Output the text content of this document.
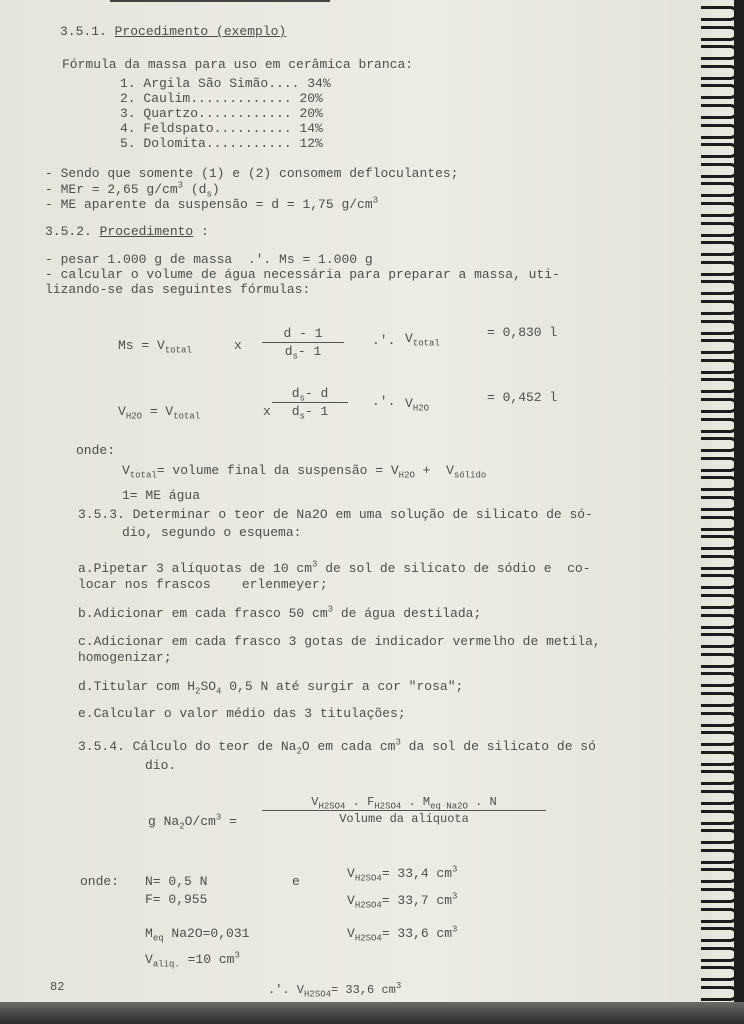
3.5.1. Procedimento (exemplo)
Fórmula da massa para uso em cerâmica branca:
1. Argila São Simão.... 34%
2. Caulim............. 20%
3. Quartzo............ 20%
4. Feldspato.......... 14%
5. Dolomita........... 12%
- Sendo que somente (1) e (2) consomem defloculantes;
- MEr = 2,65 $g/cm^3$ $(d_s)$
- ME aparente da suspensão = d = 1,75 $g/cm^3$
3.5.2. Procedimento :
- pesar 1.000 g de massa  .'. Ms = 1.000 g
- calcular o volume de água necessária para preparar a massa, uti-
lizando-se das seguintes fórmulas:
$Ms = V_{total}$	x
d - 1
$d_s-$ 1
.'. $V_{total}$
= 0,830 l
$V_{H2O} = V_{total}$	x
$d_s-$ d
$d_s-$ 1
.'. $V_{H2O}$
= 0,452 l
onde:
$V_{total}=$ volume final da suspensão = $V_{H2O} + V_{sólido}$
1= ME água
3.5.3. Determinar o teor de Na2O em uma solução de silicato de só-
dio, segundo o esquema:
a.Pipetar 3 alíquotas de 10 $cm^3$ de sol de silicato de sódio e  co-
locar nos frascos    erlenmeyer;
b.Adicionar em cada frasco 50 $cm^3$ de água destilada;
c.Adicionar em cada frasco 3 gotas de indicador vermelho de metila,
homogenizar;
d.Titular com $H_2SO_4$ 0,5 N até surgir a cor "rosa";
e.Calcular o valor médio das 3 titulações;
3.5.4. Cálculo do teor de $Na_2O$ em cada $cm^3$ da sol de silicato de só
dio.
g $Na_2O/cm^3$ =
$V_{H2SO4}$ . $F_{H2SO4}$ . $M_{eq Na2O}$ . N
Volume da alíquota
onde: N= 0,5 N	e
F= 0,955
$M_{eq}$ Na2O=0,031
$V_{aliq.} =10$ $cm^3$
$V_{H2SO4}= 33,4$ $cm^3$
$V_{H2SO4}= 33,7$ $cm^3$
$V_{H2SO4}= 33,6$ $cm^3$
.'. $V_{H2SO4}= 33,6$ $cm^3$
82
